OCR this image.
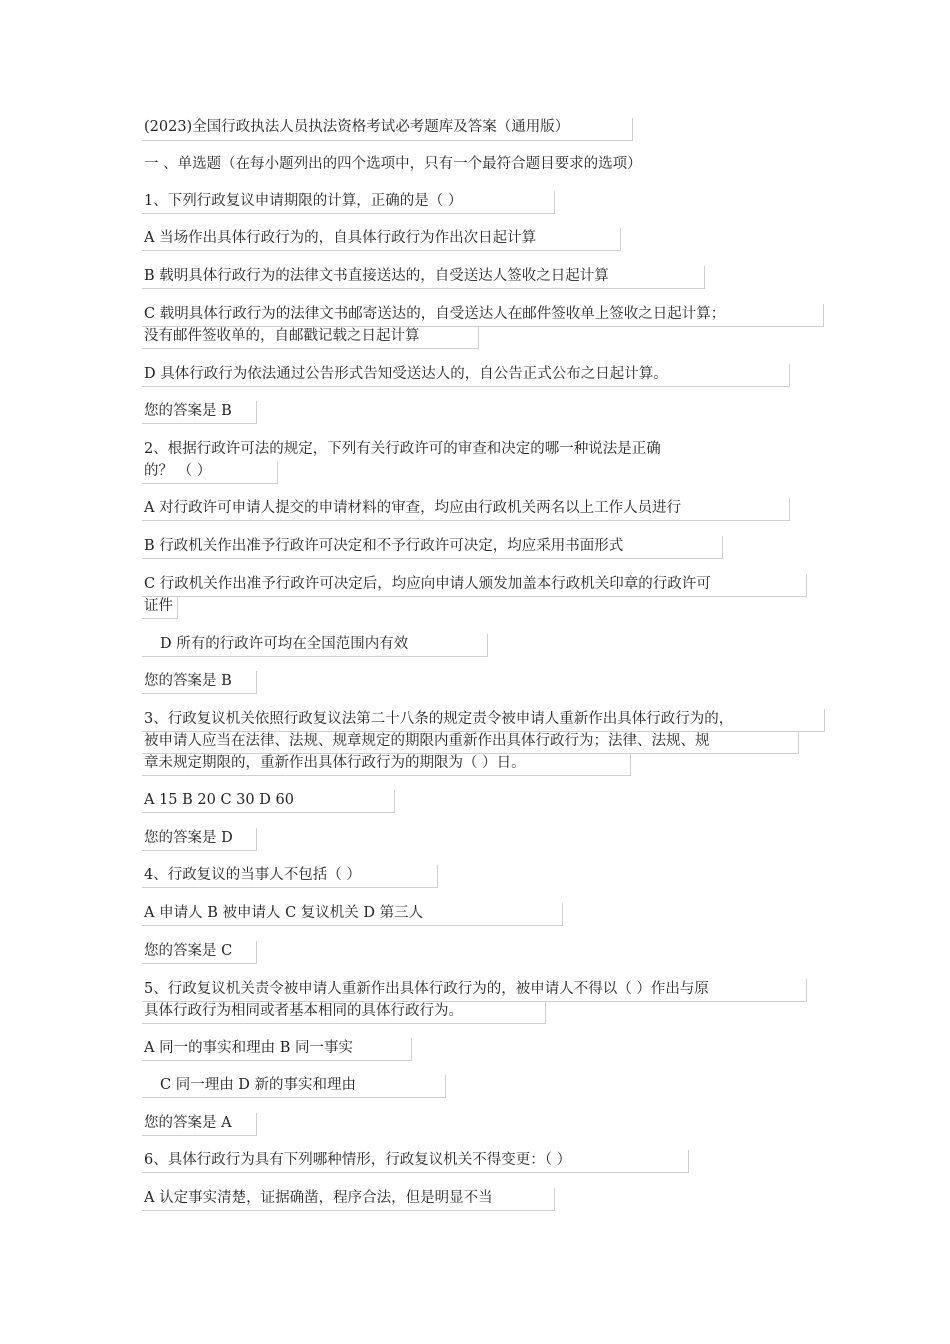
(2023)全国行政执法人员执法资格考试必考题库及答案（通用版）
一 、单选题（在每小题列出的四个选项中，只有一个最符合题目要求的选项）
1、下列行政复议申请期限的计算，正确的是（ ）
A 当场作出具体行政行为的，自具体行政行为作出次日起计算
B 载明具体行政行为的法律文书直接送达的，自受送达人签收之日起计算
C 载明具体行政行为的法律文书邮寄送达的，自受送达人在邮件签收单上签收之日起计算；
没有邮件签收单的，自邮戳记载之日起计算
D 具体行政行为依法通过公告形式告知受送达人的，自公告正式公布之日起计算。
您的答案是 B
2、根据行政许可法的规定，下列有关行政许可的审查和决定的哪一种说法是正确
的？ （ ）
A 对行政许可申请人提交的申请材料的审查，均应由行政机关两名以上工作人员进行
B 行政机关作出准予行政许可决定和不予行政许可决定，均应采用书面形式
C 行政机关作出准予行政许可决定后，均应向申请人颁发加盖本行政机关印章的行政许可
证件
D 所有的行政许可均在全国范围内有效
您的答案是 B
3、行政复议机关依照行政复议法第二十八条的规定责令被申请人重新作出具体行政行为的，
被申请人应当在法律、法规、规章规定的期限内重新作出具体行政行为；法律、法规、规
章未规定期限的，重新作出具体行政行为的期限为（ ）日。
A 15 B 20 C 30 D 60
您的答案是 D
4、行政复议的当事人不包括（ ）
A 申请人 B 被申请人 C 复议机关 D 第三人
您的答案是 C
5、行政复议机关责令被申请人重新作出具体行政行为的，被申请人不得以（ ）作出与原
具体行政行为相同或者基本相同的具体行政行为。
A 同一的事实和理由 B 同一事实
C 同一理由 D 新的事实和理由
您的答案是 A
6、具体行政行为具有下列哪种情形，行政复议机关不得变更：（ ）
A 认定事实清楚，证据确凿，程序合法，但是明显不当
